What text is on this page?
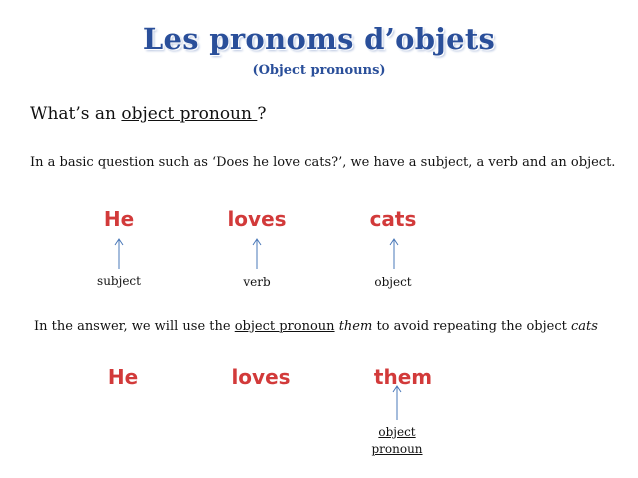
Les pronoms d’objets
(Object pronouns)
What’s an object pronoun ?
In a basic question such as ‘Does he love cats?’, we have a subject, a verb and an object.
He	loves	cats
subject	verb	object
In the answer, we will use the object pronoun them to avoid repeating the object cats
He	loves	them
object
pronoun
